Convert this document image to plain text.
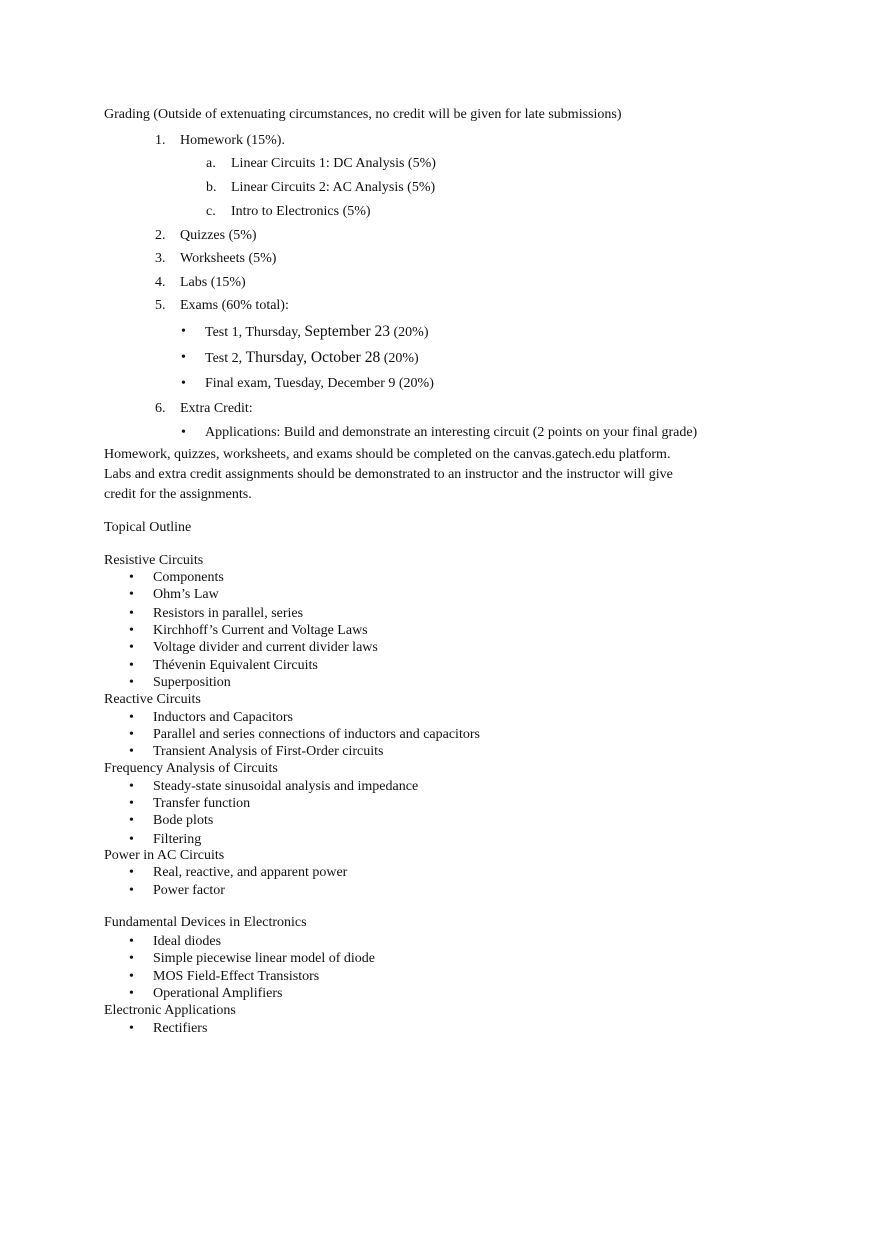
Grading (Outside of extenuating circumstances, no credit will be given for late submissions)
1. Homework (15%).
a. Linear Circuits 1: DC Analysis (5%)
b. Linear Circuits 2: AC Analysis (5%)
c. Intro to Electronics (5%)
2. Quizzes (5%)
3. Worksheets (5%)
4. Labs (15%)
5. Exams (60% total):
• Test 1, Thursday, September 23 (20%)
• Test 2, Thursday, October 28 (20%)
• Final exam, Tuesday, December 9 (20%)
6. Extra Credit:
• Applications: Build and demonstrate an interesting circuit (2 points on your final grade)
Homework, quizzes, worksheets, and exams should be completed on the canvas.gatech.edu platform.
Labs and extra credit assignments should be demonstrated to an instructor and the instructor will give
credit for the assignments.
Topical Outline
Resistive Circuits
• Components
• Ohm’s Law
• Resistors in parallel, series
• Kirchhoff’s Current and Voltage Laws
• Voltage divider and current divider laws
• Thévenin Equivalent Circuits
• Superposition
Reactive Circuits
• Inductors and Capacitors
• Parallel and series connections of inductors and capacitors
• Transient Analysis of First-Order circuits
Frequency Analysis of Circuits
• Steady-state sinusoidal analysis and impedance
• Transfer function
• Bode plots
• Filtering
Power in AC Circuits
• Real, reactive, and apparent power
• Power factor
Fundamental Devices in Electronics
• Ideal diodes
• Simple piecewise linear model of diode
• MOS Field-Effect Transistors
• Operational Amplifiers
Electronic Applications
• Rectifiers
